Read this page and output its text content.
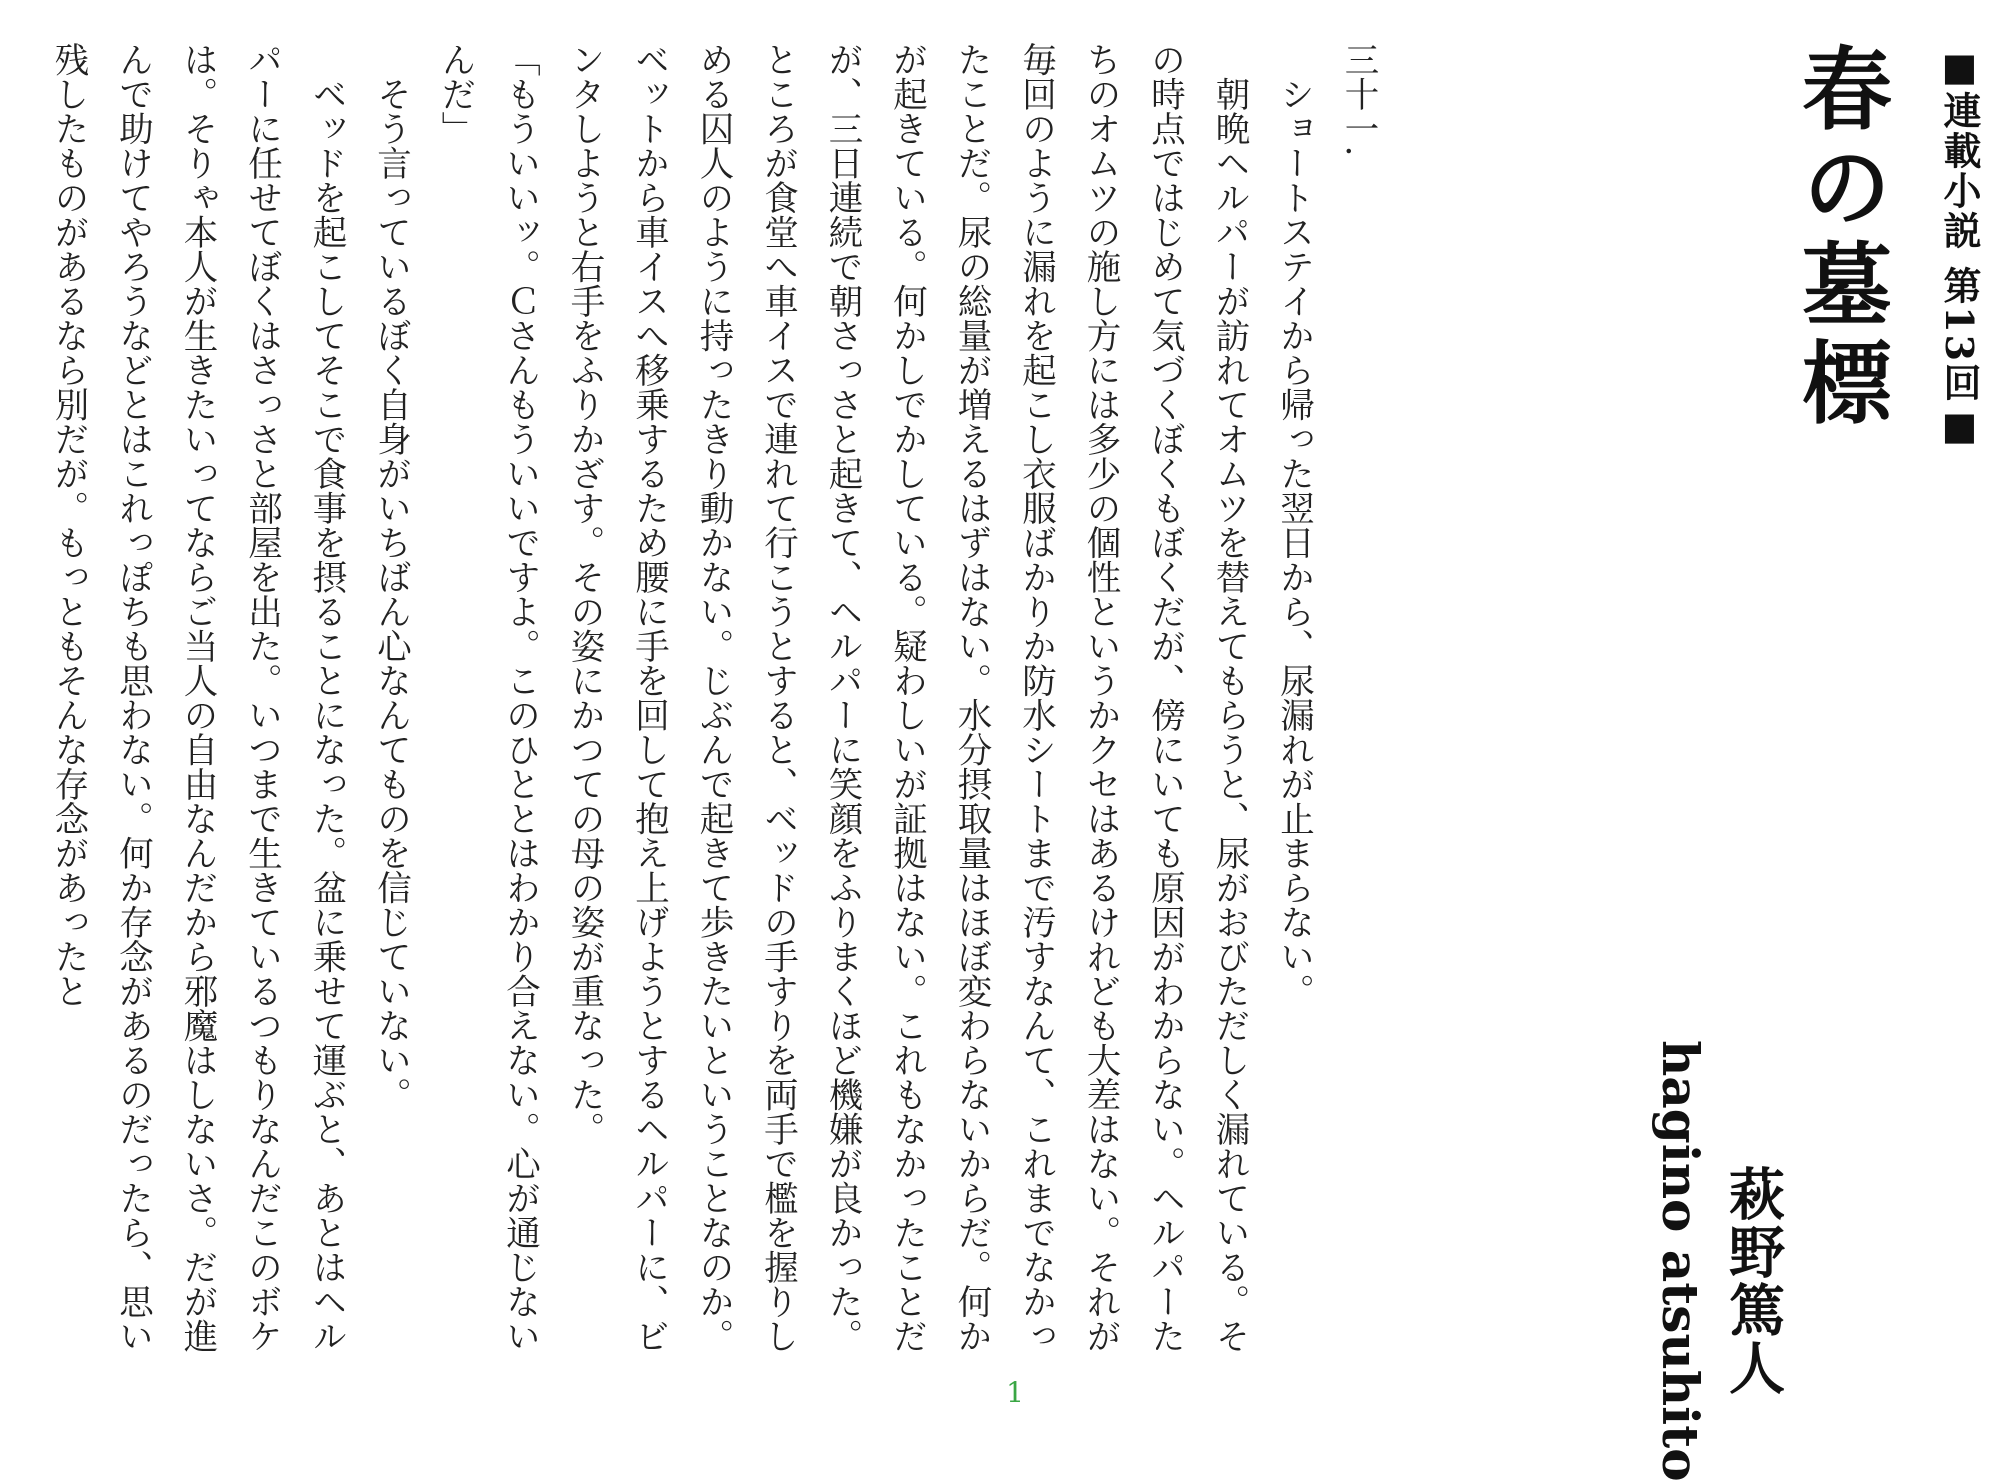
■連載小説 第13回■
春の墓標
萩野篤人
hagino atsuhito

三十一.

　ショートステイから帰った翌日から、尿漏れが止まらない。

　朝晩ヘルパーが訪れてオムツを替えてもらうと、尿がおびただしく漏れている。その時点ではじめて気づくぼくもぼくだが、傍にいても原因がわからない。ヘルパーたちのオムツの施し方には多少の個性というかクセはあるけれども大差はない。それが毎回のように漏れを起こし衣服ばかりか防水シートまで汚すなんて、これまでなかったことだ。尿の総量が増えるはずはない。水分摂取量はほぼ変わらないからだ。何かが起きている。何かしでかしている。疑わしいが証拠はない。これもなかったことだが、三日連続で朝さっさと起きて、ヘルパーに笑顔をふりまくほど機嫌が良かった。ところが食堂へ車イスで連れて行こうとすると、ベッドの手すりを両手で檻を握りしめる囚人のように持ったきり動かない。じぶんで起きて歩きたいということなのか。ベットから車イスへ移乗するため腰に手を回して抱え上げようとするヘルパーに、ビンタしようと右手をふりかざす。その姿にかつての母の姿が重なった。

「もういいッ。Ｃさんもういいですよ。このひととはわかり合えない。心が通じないんだ」

　そう言っているぼく自身がいちばん心なんてものを信じていない。

　ベッドを起こしてそこで食事を摂ることになった。盆に乗せて運ぶと、あとはヘルパーに任せてぼくはさっさと部屋を出た。いつまで生きているつもりなんだこのボケは。そりゃ本人が生きたいってならご当人の自由なんだから邪魔はしないさ。だが進んで助けてやろうなどとはこれっぽちも思わない。何か存念があるのだったら、思い残したものがあるなら別だが。もっともそんな存念があったと

1
